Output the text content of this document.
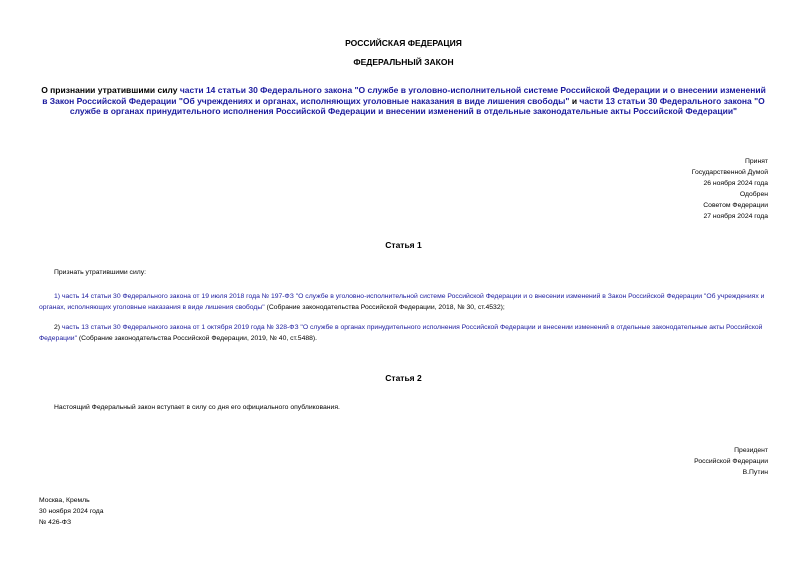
РОССИЙСКАЯ ФЕДЕРАЦИЯ
ФЕДЕРАЛЬНЫЙ ЗАКОН
О признании утратившими силу части 14 статьи 30 Федерального закона "О службе в уголовно-исполнительной системе Российской Федерации и о внесении изменений в Закон Российской Федерации "Об учреждениях и органах, исполняющих уголовные наказания в виде лишения свободы" и части 13 статьи 30 Федерального закона "О службе в органах принудительного исполнения Российской Федерации и внесении изменений в отдельные законодательные акты Российской Федерации"
Принят
Государственной Думой
26 ноября 2024 года
Одобрен
Советом Федерации
27 ноября 2024 года
Статья 1
Признать утратившими силу:
1) часть 14 статьи 30 Федерального закона от 19 июля 2018 года № 197-ФЗ "О службе в уголовно-исполнительной системе Российской Федерации и о внесении изменений в Закон Российской Федерации "Об учреждениях и органах, исполняющих уголовные наказания в виде лишения свободы" (Собрание законодательства Российской Федерации, 2018, № 30, ст.4532);
2) часть 13 статьи 30 Федерального закона от 1 октября 2019 года № 328-ФЗ "О службе в органах принудительного исполнения Российской Федерации и внесении изменений в отдельные законодательные акты Российской Федерации" (Собрание законодательства Российской Федерации, 2019, № 40, ст.5488).
Статья 2
Настоящий Федеральный закон вступает в силу со дня его официального опубликования.
Президент
Российской Федерации
В.Путин
Москва, Кремль
30 ноября 2024 года
№ 426-ФЗ
